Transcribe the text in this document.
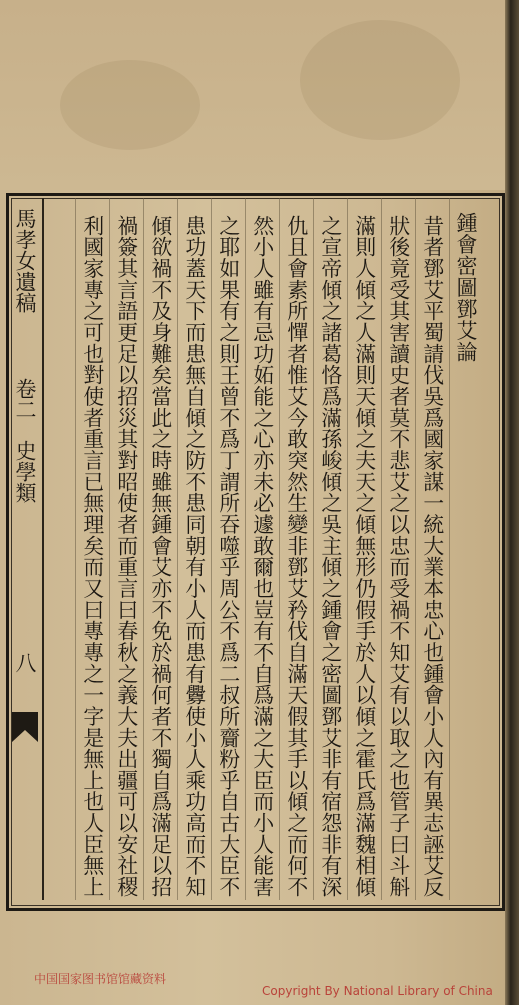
馬孝女遺稿
卷二
史學類
八
鍾會密圖鄧艾論
昔者鄧艾平蜀請伐吳爲國家謀一統大業本忠心也鍾會小人內有異志誣艾反
狀後竟受其害讀史者莫不悲艾之以忠而受禍不知艾有以取之也管子曰斗斛
滿則人傾之人滿則天傾之夫天之傾無形仍假手於人以傾之霍氏爲滿魏相傾
之宣帝傾之諸葛恪爲滿孫峻傾之吳主傾之鍾會之密圖鄧艾非有宿怨非有深
仇且會素所憚者惟艾今敢突然生變非鄧艾矜伐自滿天假其手以傾之而何不
然小人雖有忌功妬能之心亦未必遽敢爾也豈有不自爲滿之大臣而小人能害
之耶如果有之則王曾不爲丁謂所吞噬乎周公不爲二叔所齎粉乎自古大臣不
患功蓋天下而患無自傾之防不患同朝有小人而患有釁使小人乘功高而不知
傾欲禍不及身難矣當此之時雖無鍾會艾亦不免於禍何者不獨自爲滿足以招
禍簽其言語更足以招災其對昭使者而重言曰春秋之義大夫出疆可以安社稷
利國家專之可也對使者重言已無理矣而又曰專專之一字是無上也人臣無上
中国国家图书馆馆藏资料
Copyright By National Library of China
